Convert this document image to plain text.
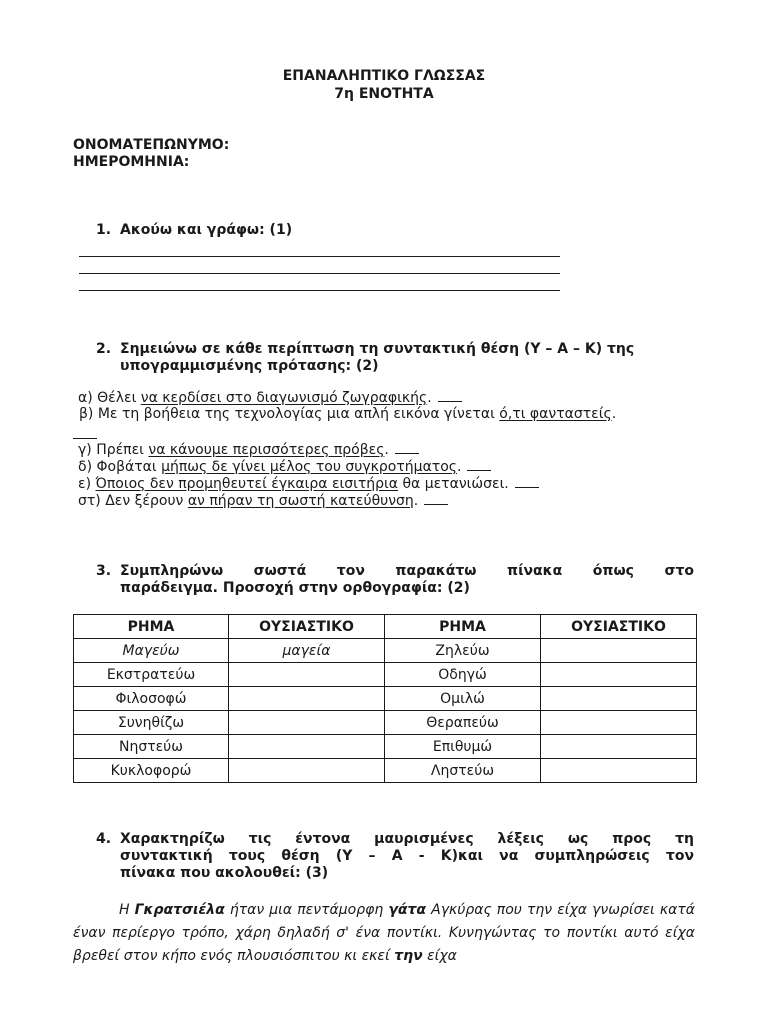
ΕΠΑΝΑΛΗΠΤΙΚΟ ΓΛΩΣΣΑΣ
7η ΕΝΟΤΗΤΑ
ΟΝΟΜΑΤΕΠΩΝΥΜΟ:
ΗΜΕΡΟΜΗΝΙΑ:
1. Ακούω και γράφω: (1)
2. Σημειώνω σε κάθε περίπτωση τη συντακτική θέση (Υ – Α – Κ) της
υπογραμμισμένης πρότασης: (2)
α) Θέλει να κερδίσει στο διαγωνισμό ζωγραφικής.
β) Με τη βοήθεια της τεχνολογίας μια απλή εικόνα γίνεται ό,τι φανταστείς.
γ) Πρέπει να κάνουμε περισσότερες πρόβες.
δ) Φοβάται μήπως δε γίνει μέλος του συγκροτήματος.
ε) Όποιος δεν προμηθευτεί έγκαιρα εισιτήρια θα μετανιώσει.
στ) Δεν ξέρουν αν πήραν τη σωστή κατεύθυνση.
3. Συμπληρώνω σωστά τον παρακάτω πίνακα όπως στο
παράδειγμα. Προσοχή στην ορθογραφία: (2)
ΡΗΜΑ	ΟΥΣΙΑΣΤΙΚΟ	ΡΗΜΑ	ΟΥΣΙΑΣΤΙΚΟ
Μαγεύω	μαγεία	Ζηλεύω	
Εκστρατεύω		Οδηγώ	
Φιλοσοφώ		Ομιλώ	
Συνηθίζω		Θεραπεύω	
Νηστεύω		Επιθυμώ	
Κυκλοφορώ		Ληστεύω	
4. Χαρακτηρίζω τις έντονα μαυρισμένες λέξεις ως προς τη
συντακτική τους θέση (Υ – Α - Κ)και να συμπληρώσεις τον
πίνακα που ακολουθεί: (3)
Η Γκρατσιέλα ήταν μια πεντάμορφη γάτα Αγκύρας που την είχα γνωρίσει κατά έναν περίεργο τρόπο, χάρη δηλαδή σ' ένα ποντίκι. Κυνηγώντας το ποντίκι αυτό είχα βρεθεί στον κήπο ενός πλουσιόσπιτου κι εκεί την είχα
